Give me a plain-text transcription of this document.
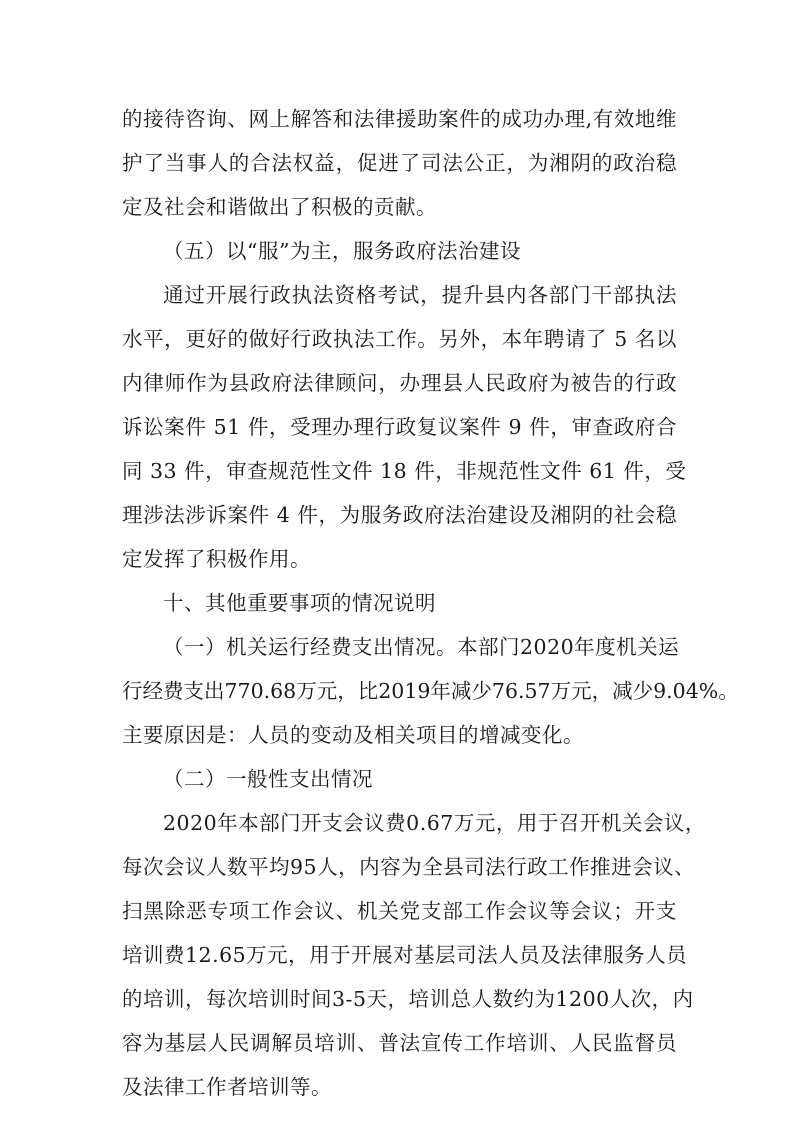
的接待咨询、网上解答和法律援助案件的成功办理,有效地维
护了当事人的合法权益，促进了司法公正，为湘阴的政治稳
定及社会和谐做出了积极的贡献。
（五）以“服”为主，服务政府法治建设
通过开展行政执法资格考试，提升县内各部门干部执法
水平，更好的做好行政执法工作。另外，本年聘请了 5 名以
内律师作为县政府法律顾问，办理县人民政府为被告的行政
诉讼案件 51 件，受理办理行政复议案件 9 件，审查政府合
同 33 件，审查规范性文件 18 件，非规范性文件 61 件，受
理涉法涉诉案件 4 件，为服务政府法治建设及湘阴的社会稳
定发挥了积极作用。
十、其他重要事项的情况说明
（一）机关运行经费支出情况。本部门2020年度机关运
行经费支出770.68万元，比2019年减少76.57万元，减少9.04%。
主要原因是：人员的变动及相关项目的增减变化。
（二）一般性支出情况
2020年本部门开支会议费0.67万元，用于召开机关会议，
每次会议人数平均95人，内容为全县司法行政工作推进会议、
扫黑除恶专项工作会议、机关党支部工作会议等会议；开支
培训费12.65万元，用于开展对基层司法人员及法律服务人员
的培训，每次培训时间3-5天，培训总人数约为1200人次，内
容为基层人民调解员培训、普法宣传工作培训、人民监督员
及法律工作者培训等。
